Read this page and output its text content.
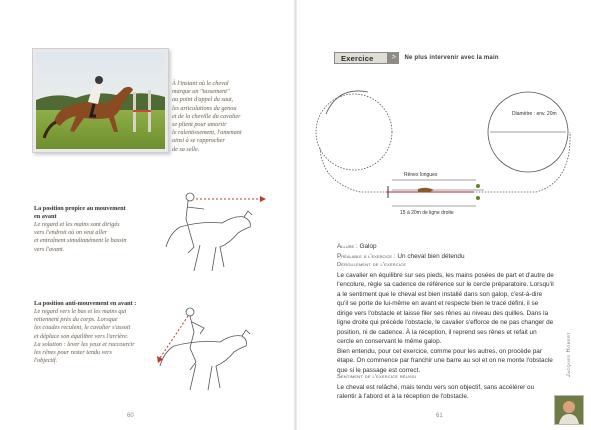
À l'instant où le cheval
marque un "tassement"
au point d'appel du saut,
les articulations du genou
et de la cheville du cavalier
se plient pour amortir
le ralentissement, l'amenant
ainsi à se rapprocher
de sa selle.
La position propice au mouvement
en avant
Le regard et les mains sont dirigés
vers l'endroit où on veut aller
et entraînent simultanément le bassin
vers l'avant.
La position anti-mouvement en avant :
Le regard vers le bas et les mains qui
retiennent près du corps. Lorsque
les coudes reculent, le cavalier s'assoit
et déplace son équilibre vers l'arrière.
La solution : lever les yeux et raccourcir
les rênes pour rester tendu vers
l'objectif.
60
Exercice	>	Ne plus intervenir avec la main
Diamètre : env. 20m
Rênes longues
15 à 20m de ligne droite
Allure : Galop
Préalable à l'exercice : Un cheval bien détendu
Déroulement de l'exercice
Le cavalier en équilibre sur ses pieds, les mains posées de part et d'autre de l'encolure, règle sa cadence de référence sur le cercle préparatoire. Lorsqu'il a le sentiment que le cheval est bien installé dans son galop, c'est-à-dire qu'il se porte de lui-même en avant et respecte bien le tracé défini, il se dirige vers l'obstacle et laisse filer ses rênes au niveau des quilles. Dans la ligne droite qui précède l'obstacle, le cavalier s'efforce de ne pas changer de position, ni de cadence. À la réception, il reprend ses rênes et refait un cercle en conservant le même galop.
Bien entendu, pour cet exercice, comme pour les autres, on procède par étape. On commence par franchir une barre au sol et on ne monte l'obstacle que si le passage est correct.
Sentiment de l'exercice réussi
Le cheval est relâché, mais tendu vers son objectif, sans accélérer ou ralentir à l'abord et à la réception de l'obstacle.
Jacques Robert
61
